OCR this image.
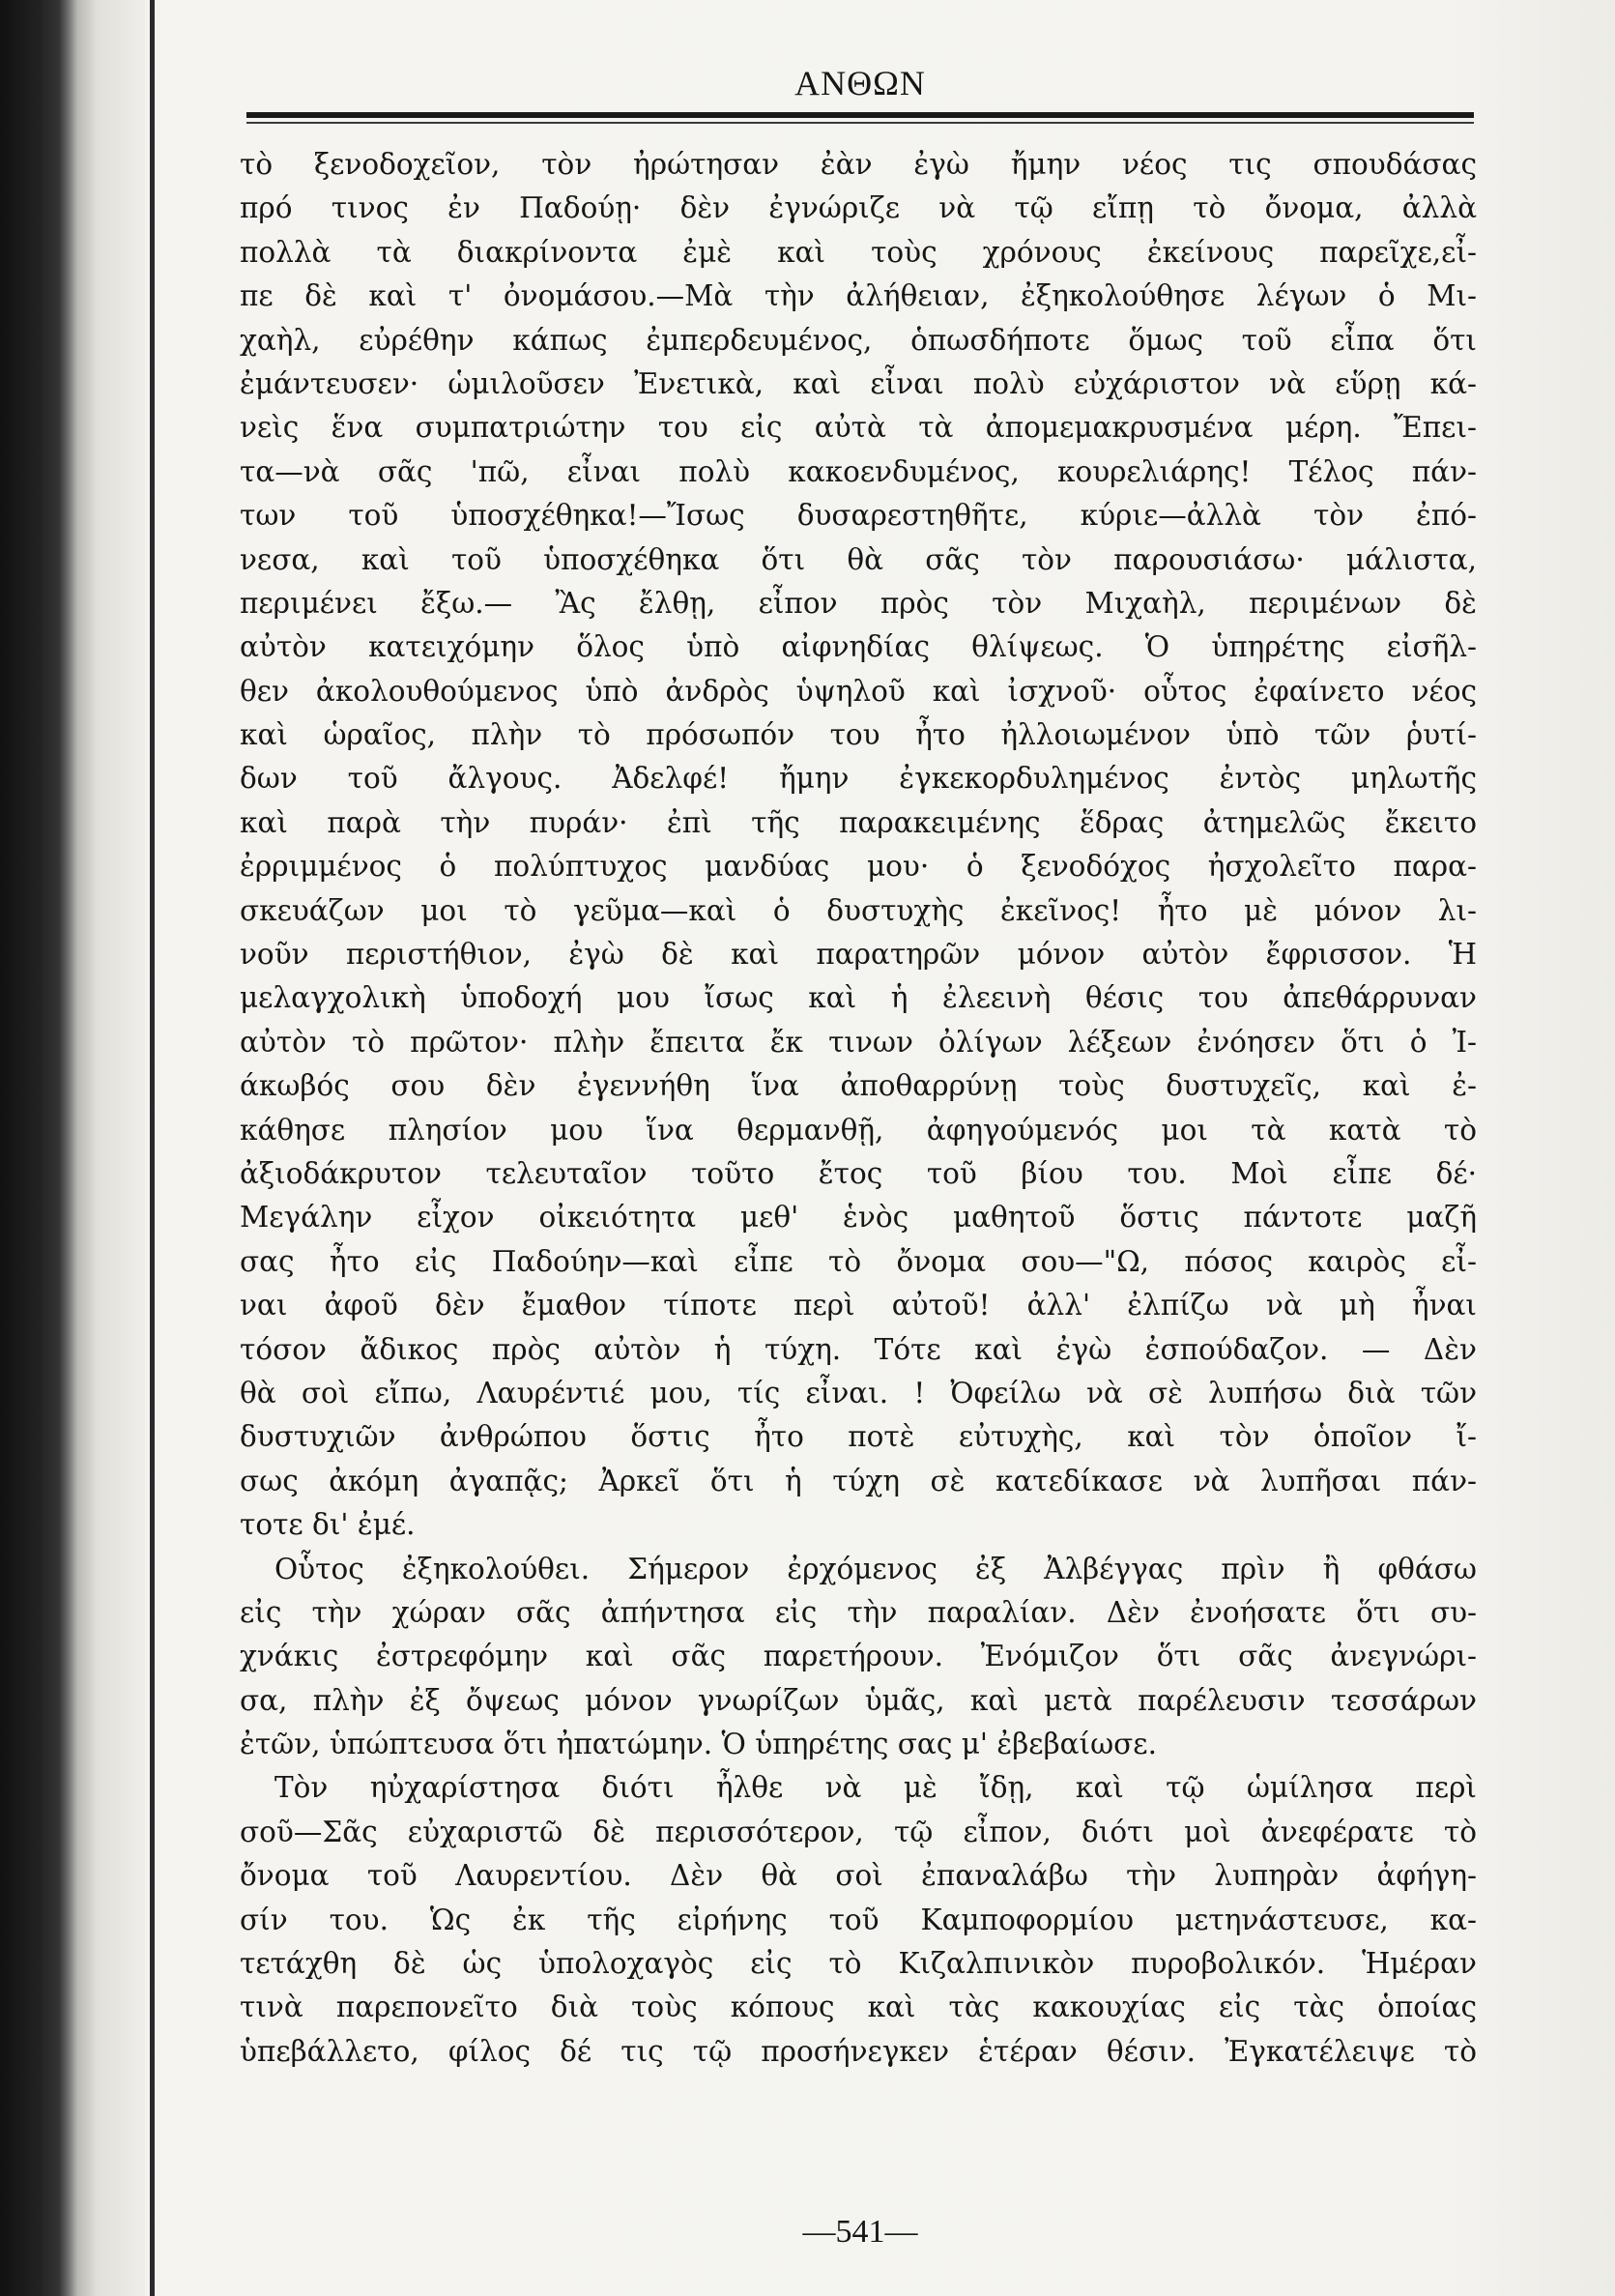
ΑΝΘΩΝ
τὸ ξενοδοχεῖον, τὸν ἠρώτησαν ἐὰν ἐγὼ ἤμην νέος τις σπουδάσας
πρό τινος ἐν Παδούῃ· δὲν ἐγνώριζε νὰ τῷ εἴπῃ τὸ ὄνομα, ἀλλὰ
πολλὰ τὰ διακρίνοντα ἐμὲ καὶ τοὺς χρόνους ἐκείνους παρεῖχε,εἶ-
πε δὲ καὶ τ' ὀνομάσου.—Μὰ τὴν ἀλήθειαν, ἐξηκολούθησε λέγων ὁ Μι-
χαὴλ, εὐρέθην κάπως ἐμπερδευμένος, ὁπωσδήποτε ὅμως τοῦ εἶπα ὅτι
ἐμάντευσεν· ὡμιλοῦσεν Ἐνετικὰ, καὶ εἶναι πολὺ εὐχάριστον νὰ εὕρῃ κά-
νεὶς ἕνα συμπατριώτην του εἰς αὐτὰ τὰ ἀπομεμακρυσμένα μέρη. Ἔπει-
τα—νὰ σᾶς 'πῶ, εἶναι πολὺ κακοενδυμένος, κουρελιάρης! Τέλος πάν-
των τοῦ ὑποσχέθηκα!—Ἴσως δυσαρεστηθῆτε, κύριε—ἀλλὰ τὸν ἐπό-
νεσα, καὶ τοῦ ὑποσχέθηκα ὅτι θὰ σᾶς τὸν παρουσιάσω· μάλιστα,
περιμένει ἔξω.— Ἂς ἔλθῃ, εἶπον πρὸς τὸν Μιχαὴλ, περιμένων δὲ
αὐτὸν κατειχόμην ὅλος ὑπὸ αἰφνηδίας θλίψεως. Ὁ ὑπηρέτης εἰσῆλ-
θεν ἀκολουθούμενος ὑπὸ ἀνδρὸς ὑψηλοῦ καὶ ἰσχνοῦ· οὗτος ἐφαίνετο νέος
καὶ ὡραῖος, πλὴν τὸ πρόσωπόν του ἦτο ἠλλοιωμένον ὑπὸ τῶν ῥυτί-
δων τοῦ ἄλγους. Ἀδελφέ! ἤμην ἐγκεκορδυλημένος ἐντὸς μηλωτῆς
καὶ παρὰ τὴν πυράν· ἐπὶ τῆς παρακειμένης ἕδρας ἀτημελῶς ἔκειτο
ἐρριμμένος ὁ πολύπτυχος μανδύας μου· ὁ ξενοδόχος ἠσχολεῖτο παρα-
σκευάζων μοι τὸ γεῦμα—καὶ ὁ δυστυχὴς ἐκεῖνος! ἦτο μὲ μόνον λι-
νοῦν περιστήθιον, ἐγὼ δὲ καὶ παρατηρῶν μόνον αὐτὸν ἔφρισσον. Ἡ
μελαγχολικὴ ὑποδοχή μου ἴσως καὶ ἡ ἐλεεινὴ θέσις του ἀπεθάρρυναν
αὐτὸν τὸ πρῶτον· πλὴν ἔπειτα ἔκ τινων ὀλίγων λέξεων ἐνόησεν ὅτι ὁ Ἰ-
άκωβός σου δὲν ἐγεννήθη ἵνα ἀποθαρρύνῃ τοὺς δυστυχεῖς, καὶ ἐ-
κάθησε πλησίον μου ἵνα θερμανθῇ, ἀφηγούμενός μοι τὰ κατὰ τὸ
ἀξιοδάκρυτον τελευταῖον τοῦτο ἔτος τοῦ βίου του. Μοὶ εἶπε δέ·
Μεγάλην εἶχον οἰκειότητα μεθ' ἑνὸς μαθητοῦ ὅστις πάντοτε μαζῆ
σας ἦτο εἰς Παδούην—καὶ εἶπε τὸ ὄνομα σου—"Ω, πόσος καιρὸς εἶ-
ναι ἀφοῦ δὲν ἔμαθον τίποτε περὶ αὐτοῦ! ἀλλ' ἐλπίζω νὰ μὴ ἦναι
τόσον ἄδικος πρὸς αὐτὸν ἡ τύχη. Τότε καὶ ἐγὼ ἐσπούδαζον. — Δὲν
θὰ σοὶ εἴπω, Λαυρέντιέ μου, τίς εἶναι. ! Ὀφείλω νὰ σὲ λυπήσω διὰ τῶν
δυστυχιῶν ἀνθρώπου ὅστις ἦτο ποτὲ εὐτυχὴς, καὶ τὸν ὁποῖον ἴ-
σως ἀκόμη ἀγαπᾷς; Ἀρκεῖ ὅτι ἡ τύχη σὲ κατεδίκασε νὰ λυπῆσαι πάν-
τοτε δι' ἐμέ.
Οὗτος ἐξηκολούθει. Σήμερον ἐρχόμενος ἐξ Ἀλβέγγας πρὶν ἢ φθάσω
εἰς τὴν χώραν σᾶς ἀπήντησα εἰς τὴν παραλίαν. Δὲν ἐνοήσατε ὅτι συ-
χνάκις ἐστρεφόμην καὶ σᾶς παρετήρουν. Ἐνόμιζον ὅτι σᾶς ἀνεγνώρι-
σα, πλὴν ἐξ ὄψεως μόνον γνωρίζων ὑμᾶς, καὶ μετὰ παρέλευσιν τεσσάρων
ἐτῶν, ὑπώπτευσα ὅτι ἠπατώμην. Ὁ ὑπηρέτης σας μ' ἐβεβαίωσε.
Τὸν ηὐχαρίστησα διότι ἦλθε νὰ μὲ ἴδῃ, καὶ τῷ ὡμίλησα περὶ
σοῦ—Σᾶς εὐχαριστῶ δὲ περισσότερον, τῷ εἶπον, διότι μοὶ ἀνεφέρατε τὸ
ὄνομα τοῦ Λαυρεντίου. Δὲν θὰ σοὶ ἐπαναλάβω τὴν λυπηρὰν ἀφήγη-
σίν του. Ὡς ἐκ τῆς εἰρήνης τοῦ Καμποφορμίου μετηνάστευσε, κα-
τετάχθη δὲ ὡς ὑπολοχαγὸς εἰς τὸ Κιζαλπινικὸν πυροβολικόν. Ἡμέραν
τινὰ παρεπονεῖτο διὰ τοὺς κόπους καὶ τὰς κακουχίας εἰς τὰς ὁποίας
ὑπεβάλλετο, φίλος δέ τις τῷ προσήνεγκεν ἑτέραν θέσιν. Ἐγκατέλειψε τὸ
—541—
